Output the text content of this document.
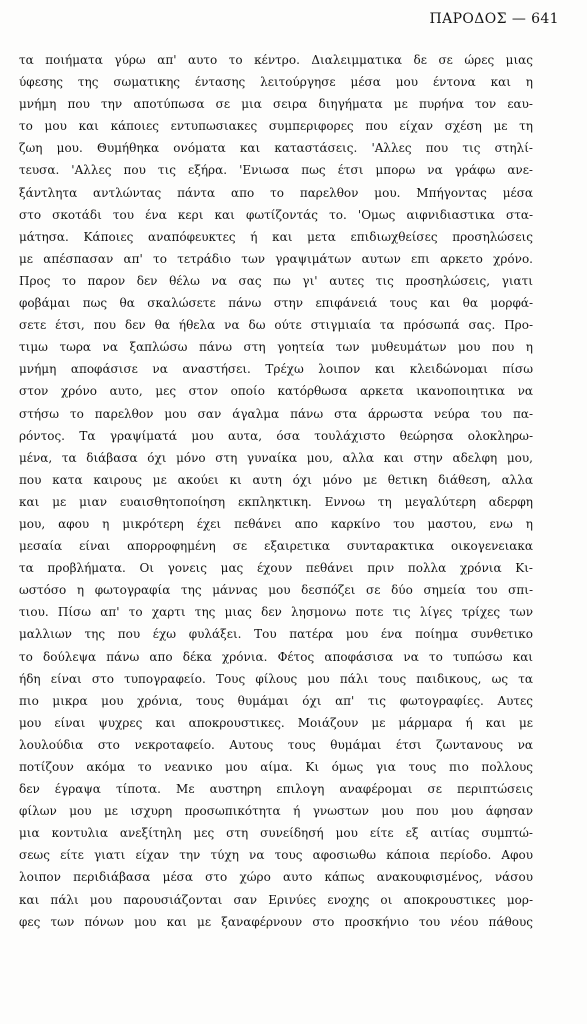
ΠΑΡΟΔΟΣ — 641
τα ποιήματα γύρω απ' αυτο το κέντρο. Διαλειμματικα δε σε ώρες μιας
ύφεσης της σωματικης έντασης λειτούργησε μέσα μου έντονα και η
μνήμη που την αποτύπωσα σε μια σειρα διηγήματα με πυρήνα τον εαυ-
το μου και κάποιες εντυπωσιακες συμπεριφορες που είχαν σχέση με τη
ζωη μου. Θυμήθηκα ονόματα και καταστάσεις. 'Αλλες που τις στηλί-
τευσα. 'Αλλες που τις εξήρα. 'Ενιωσα πως έτσι μπορω να γράφω ανε-
ξάντλητα αντλώντας πάντα απο το παρελθον μου. Μπήγοντας μέσα
στο σκοτάδι του ένα κερι και φωτίζοντάς το. 'Ομως αιφνιδιαστικα στα-
μάτησα. Κάποιες αναπόφευκτες ή και μετα επιδιωχθείσες προσηλώσεις
με απέσπασαν απ' το τετράδιο των γραψιμάτων αυτων επι αρκετο χρόνο.
Προς το παρον δεν θέλω να σας πω γι' αυτες τις προσηλώσεις, γιατι
φοβάμαι πως θα σκαλώσετε πάνω στην επιφάνειά τους και θα μορφά-
σετε έτσι, που δεν θα ήθελα να δω ούτε στιγμιαία τα πρόσωπά σας. Προ-
τιμω τωρα να ξαπλώσω πάνω στη γοητεία των μυθευμάτων μου που η
μνήμη αποφάσισε να αναστήσει. Τρέχω λοιπον και κλειδώνομαι πίσω
στον χρόνο αυτο, μες στον οποίο κατόρθωσα αρκετα ικανοποιητικα να
στήσω το παρελθον μου σαν άγαλμα πάνω στα άρρωστα νεύρα του πα-
ρόντος. Τα γραψίματά μου αυτα, όσα τουλάχιστο θεώρησα ολοκληρω-
μένα, τα διάβασα όχι μόνο στη γυναίκα μου, αλλα και στην αδελφη μου,
που κατα καιρους με ακούει κι αυτη όχι μόνο με θετικη διάθεση, αλλα
και με μιαν ευαισθητοποίηση εκπληκτικη. Εννοω τη μεγαλύτερη αδερφη
μου, αφου η μικρότερη έχει πεθάνει απο καρκίνο του μαστου, ενω η
μεσαία είναι απορροφημένη σε εξαιρετικα συνταρακτικα οικογενειακα
τα προβλήματα. Οι γονεις μας έχουν πεθάνει πριν πολλα χρόνια Κι-
ωστόσο η φωτογραφία της μάννας μου δεσπόζει σε δύο σημεία του σπι-
τιου. Πίσω απ' το χαρτι της μιας δεν λησμονω ποτε τις λίγες τρίχες των
μαλλιων της που έχω φυλάξει. Του πατέρα μου ένα ποίημα συνθετικο
το δούλεψα πάνω απο δέκα χρόνια. Φέτος αποφάσισα να το τυπώσω και
ήδη είναι στο τυπογραφείο. Τους φίλους μου πάλι τους παιδικους, ως τα
πιο μικρα μου χρόνια, τους θυμάμαι όχι απ' τις φωτογραφίες. Αυτες
μου είναι ψυχρες και αποκρουστικες. Μοιάζουν με μάρμαρα ή και με
λουλούδια στο νεκροταφείο. Αυτους τους θυμάμαι έτσι ζωντανους να
ποτίζουν ακόμα το νεανικο μου αίμα. Κι όμως για τους πιο πολλους
δεν έγραψα τίποτα. Με αυστηρη επιλογη αναφέρομαι σε περιπτώσεις
φίλων μου με ισχυρη προσωπικότητα ή γνωστων μου που μου άφησαν
μια κοντυλια ανεξίτηλη μες στη συνείδησή μου είτε εξ αιτίας συμπτώ-
σεως είτε γιατι είχαν την τύχη να τους αφοσιωθω κάποια περίοδο. Αφου
λοιπον περιδιάβασα μέσα στο χώρο αυτο κάπως ανακουφισμένος, νάσου
και πάλι μου παρουσιάζονται σαν Ερινύες ενοχης οι αποκρουστικες μορ-
φες των πόνων μου και με ξαναφέρνουν στο προσκήνιο του νέου πάθους
